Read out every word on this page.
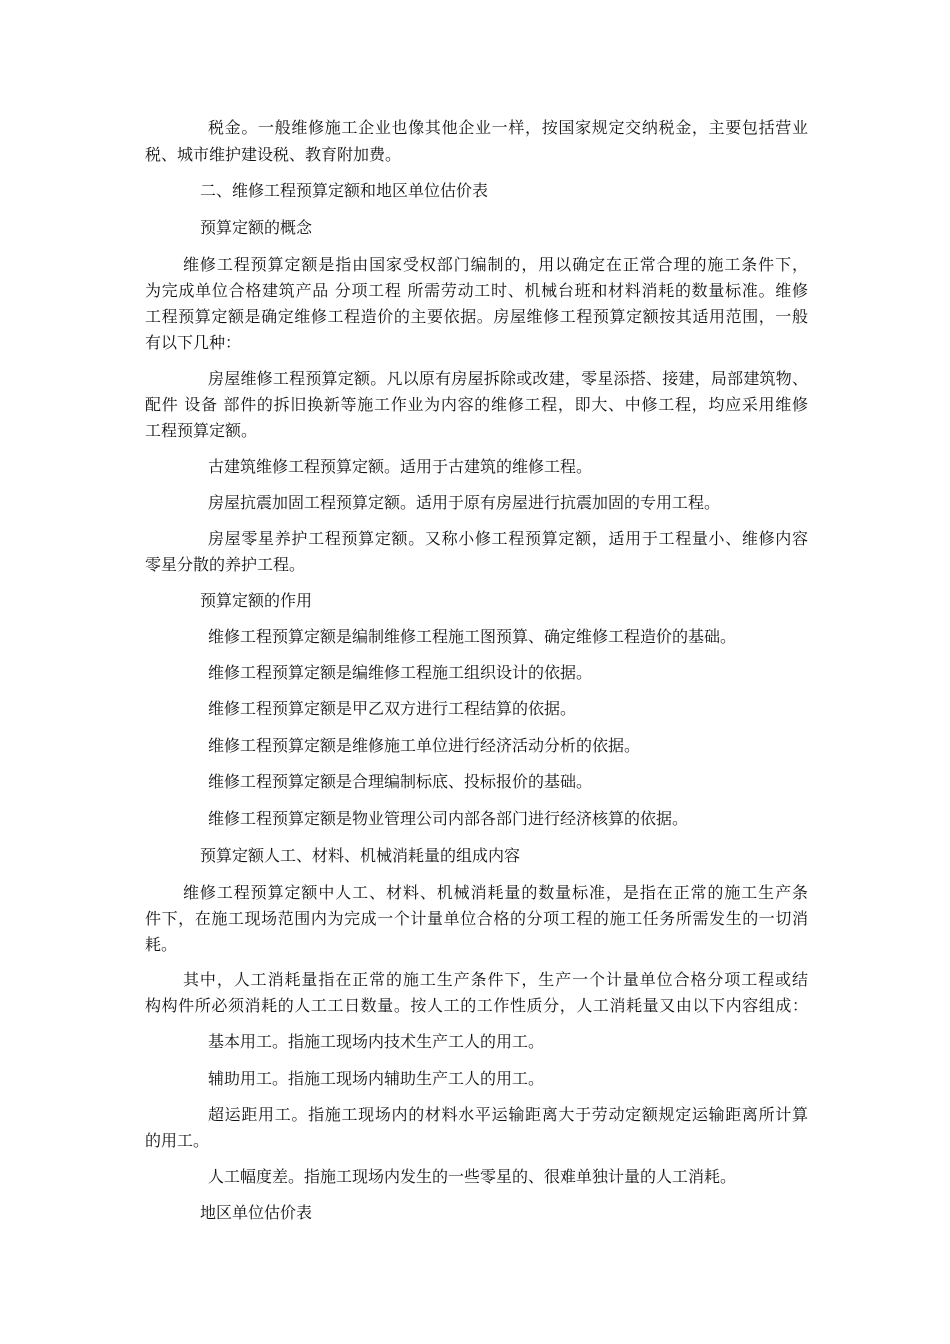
税金。一般维修施工企业也像其他企业一样，按国家规定交纳税金，主要包括营业
税、城市维护建设税、教育附加费。
二、维修工程预算定额和地区单位估价表
预算定额的概念
维修工程预算定额是指由国家受权部门编制的，用以确定在正常合理的施工条件下，
为完成单位合格建筑产品 分项工程 所需劳动工时、机械台班和材料消耗的数量标准。维修
工程预算定额是确定维修工程造价的主要依据。房屋维修工程预算定额按其适用范围，一般
有以下几种：
房屋维修工程预算定额。凡以原有房屋拆除或改建，零星添搭、接建，局部建筑物、
配件 设备 部件的拆旧换新等施工作业为内容的维修工程，即大、中修工程，均应采用维修
工程预算定额。
古建筑维修工程预算定额。适用于古建筑的维修工程。
房屋抗震加固工程预算定额。适用于原有房屋进行抗震加固的专用工程。
房屋零星养护工程预算定额。又称小修工程预算定额，适用于工程量小、维修内容
零星分散的养护工程。
预算定额的作用
维修工程预算定额是编制维修工程施工图预算、确定维修工程造价的基础。
维修工程预算定额是编维修工程施工组织设计的依据。
维修工程预算定额是甲乙双方进行工程结算的依据。
维修工程预算定额是维修施工单位进行经济活动分析的依据。
维修工程预算定额是合理编制标底、投标报价的基础。
维修工程预算定额是物业管理公司内部各部门进行经济核算的依据。
预算定额人工、材料、机械消耗量的组成内容
维修工程预算定额中人工、材料、机械消耗量的数量标准，是指在正常的施工生产条
件下，在施工现场范围内为完成一个计量单位合格的分项工程的施工任务所需发生的一切消
耗。
其中，人工消耗量指在正常的施工生产条件下，生产一个计量单位合格分项工程或结
构构件所必须消耗的人工工日数量。按人工的工作性质分，人工消耗量又由以下内容组成：
基本用工。指施工现场内技术生产工人的用工。
辅助用工。指施工现场内辅助生产工人的用工。
超运距用工。指施工现场内的材料水平运输距离大于劳动定额规定运输距离所计算
的用工。
人工幅度差。指施工现场内发生的一些零星的、很难单独计量的人工消耗。
地区单位估价表
